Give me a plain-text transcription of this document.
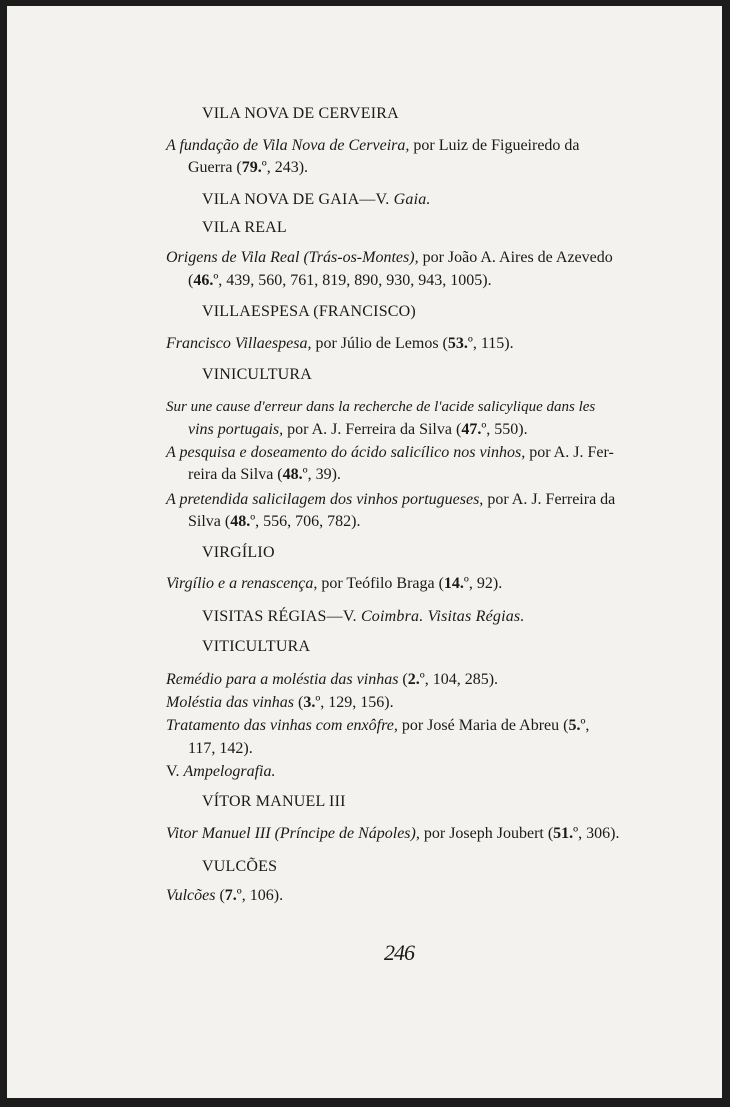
VILA NOVA DE CERVEIRA
A fundação de Vila Nova de Cerveira, por Luiz de Figueiredo da
Guerra (79.º, 243).
VILA NOVA DE GAIA—V. Gaia.
VILA REAL
Origens de Vila Real (Trás-os-Montes), por João A. Aires de Azevedo
(46.º, 439, 560, 761, 819, 890, 930, 943, 1005).
VILLAESPESA (FRANCISCO)
Francisco Villaespesa, por Júlio de Lemos (53.º, 115).
VINICULTURA
Sur une cause d'erreur dans la recherche de l'acide salicylique dans les
vins portugais, por A. J. Ferreira da Silva (47.º, 550).
A pesquisa e doseamento do ácido salicílico nos vinhos, por A. J. Fer-
reira da Silva (48.º, 39).
A pretendida salicilagem dos vinhos portugueses, por A. J. Ferreira da
Silva (48.º, 556, 706, 782).
VIRGÍLIO
Virgílio e a renascença, por Teófilo Braga (14.º, 92).
VISITAS RÉGIAS—V. Coimbra. Visitas Régias.
VITICULTURA
Remédio para a moléstia das vinhas (2.º, 104, 285).
Moléstia das vinhas (3.º, 129, 156).
Tratamento das vinhas com enxôfre, por José Maria de Abreu (5.º,
117, 142).
V. Ampelografia.
VÍTOR MANUEL III
Vitor Manuel III (Príncipe de Nápoles), por Joseph Joubert (51.º, 306).
VULCÕES
Vulcões (7.º, 106).
246
